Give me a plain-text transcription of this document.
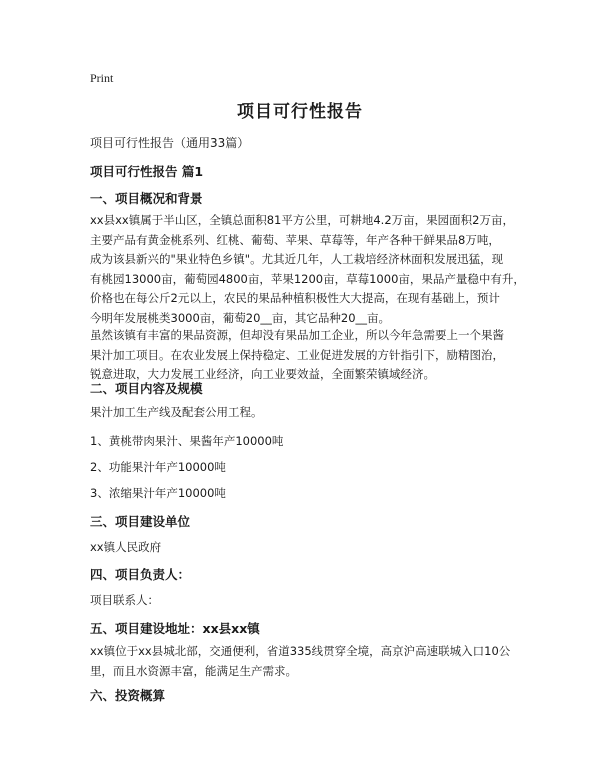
Print
项目可行性报告
项目可行性报告（通用33篇）
项目可行性报告 篇1
一、项目概况和背景
xx县xx镇属于半山区，全镇总面积81平方公里，可耕地4.2万亩，果园面积2万亩，
主要产品有黄金桃系列、红桃、葡萄、苹果、草莓等，年产各种干鲜果品8万吨，
成为该县新兴的"果业特色乡镇"。尤其近几年，人工栽培经济林面积发展迅猛，现
有桃园13000亩，葡萄园4800亩，苹果1200亩，草莓1000亩，果品产量稳中有升，
价格也在每公斤2元以上，农民的果品种植积极性大大提高，在现有基础上，预计
今明年发展桃类3000亩，葡萄20__亩，其它品种20__亩。
虽然该镇有丰富的果品资源，但却没有果品加工企业，所以今年急需要上一个果酱
果汁加工项目。在农业发展上保持稳定、工业促进发展的方针指引下，励精图治，
锐意进取，大力发展工业经济，向工业要效益，全面繁荣镇域经济。
二、项目内容及规模
果汁加工生产线及配套公用工程。
1、黄桃带肉果汁、果酱年产10000吨
2、功能果汁年产10000吨
3、浓缩果汁年产10000吨
三、项目建设单位
xx镇人民政府
四、项目负责人：
项目联系人：
五、项目建设地址：xx县xx镇
xx镇位于xx县城北部，交通便利，省道335线贯穿全境，高京沪高速联城入口10公
里，而且水资源丰富，能满足生产需求。
六、投资概算
